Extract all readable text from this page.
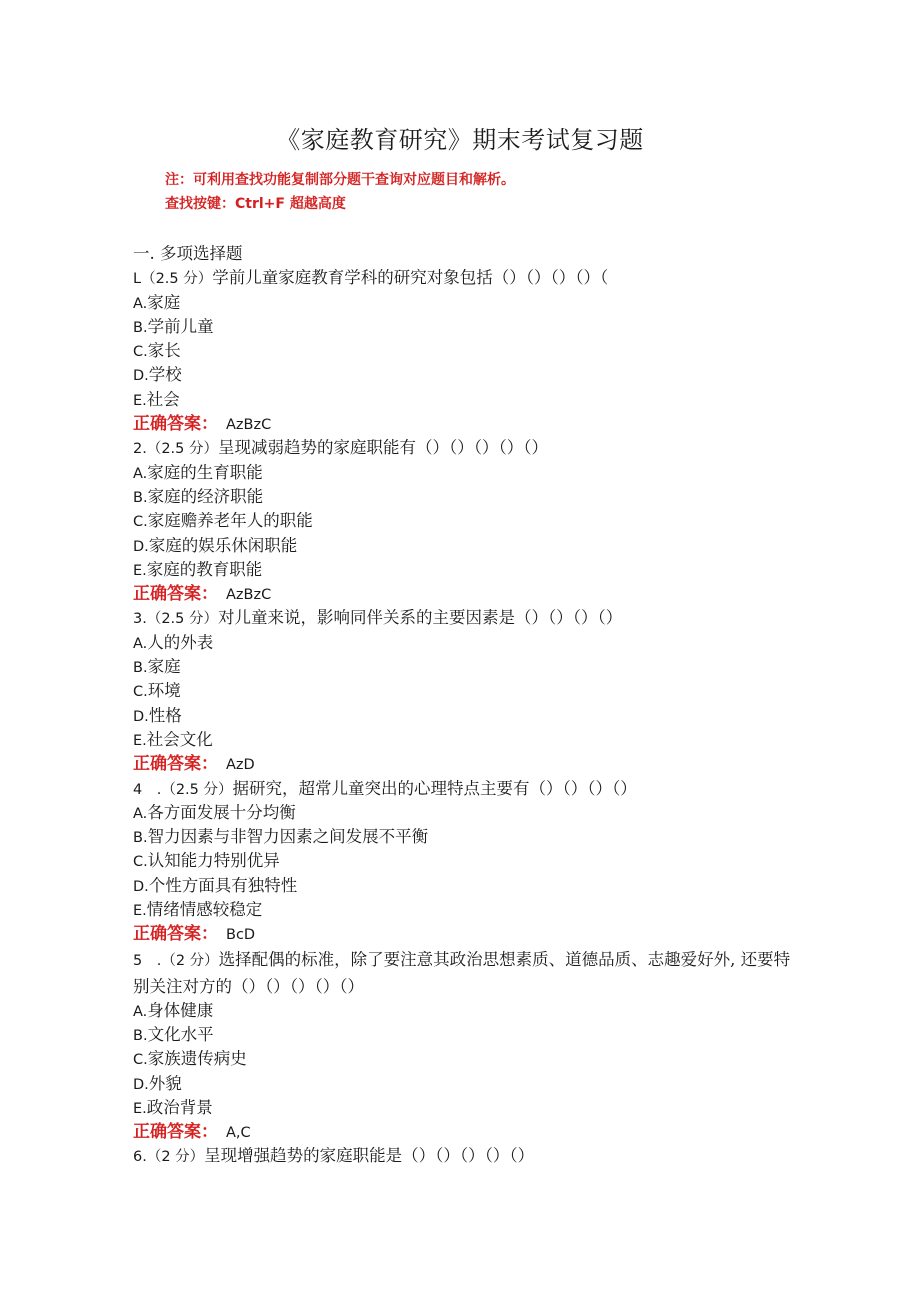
《家庭教育研究》期末考试复习题
注：可利用查找功能复制部分题干查询对应题目和解析。
查找按键：Ctrl+F 超越高度
一. 多项选择题
L（2.5 分）学前儿童家庭教育学科的研究对象包括（）（）（）（）（
A.家庭
B.学前儿童
C.家长
D.学校
E.社会
正确答案： AzBzC
2.（2.5 分）呈现减弱趋势的家庭职能有（）（）（）（）（）
A.家庭的生育职能
B.家庭的经济职能
C.家庭赡养老年人的职能
D.家庭的娱乐休闲职能
E.家庭的教育职能
正确答案： AzBzC
3.（2.5 分）对儿童来说，影响同伴关系的主要因素是（）（）（）（）
A.人的外表
B.家庭
C.环境
D.性格
E.社会文化
正确答案： AzD
4　.（2.5 分）据研究，超常儿童突出的心理特点主要有（）（）（）（）
A.各方面发展十分均衡
B.智力因素与非智力因素之间发展不平衡
C.认知能力特别优异
D.个性方面具有独特性
E.情绪情感较稳定
正确答案： BcD
5　.（2 分）选择配偶的标准，除了要注意其政治思想素质、道德品质、志趣爱好外, 还要特别关注对方的（）（）（）（）（）
A.身体健康
B.文化水平
C.家族遗传病史
D.外貌
E.政治背景
正确答案： A,C
6.（2 分）呈现增强趋势的家庭职能是（）（）（）（）（）
